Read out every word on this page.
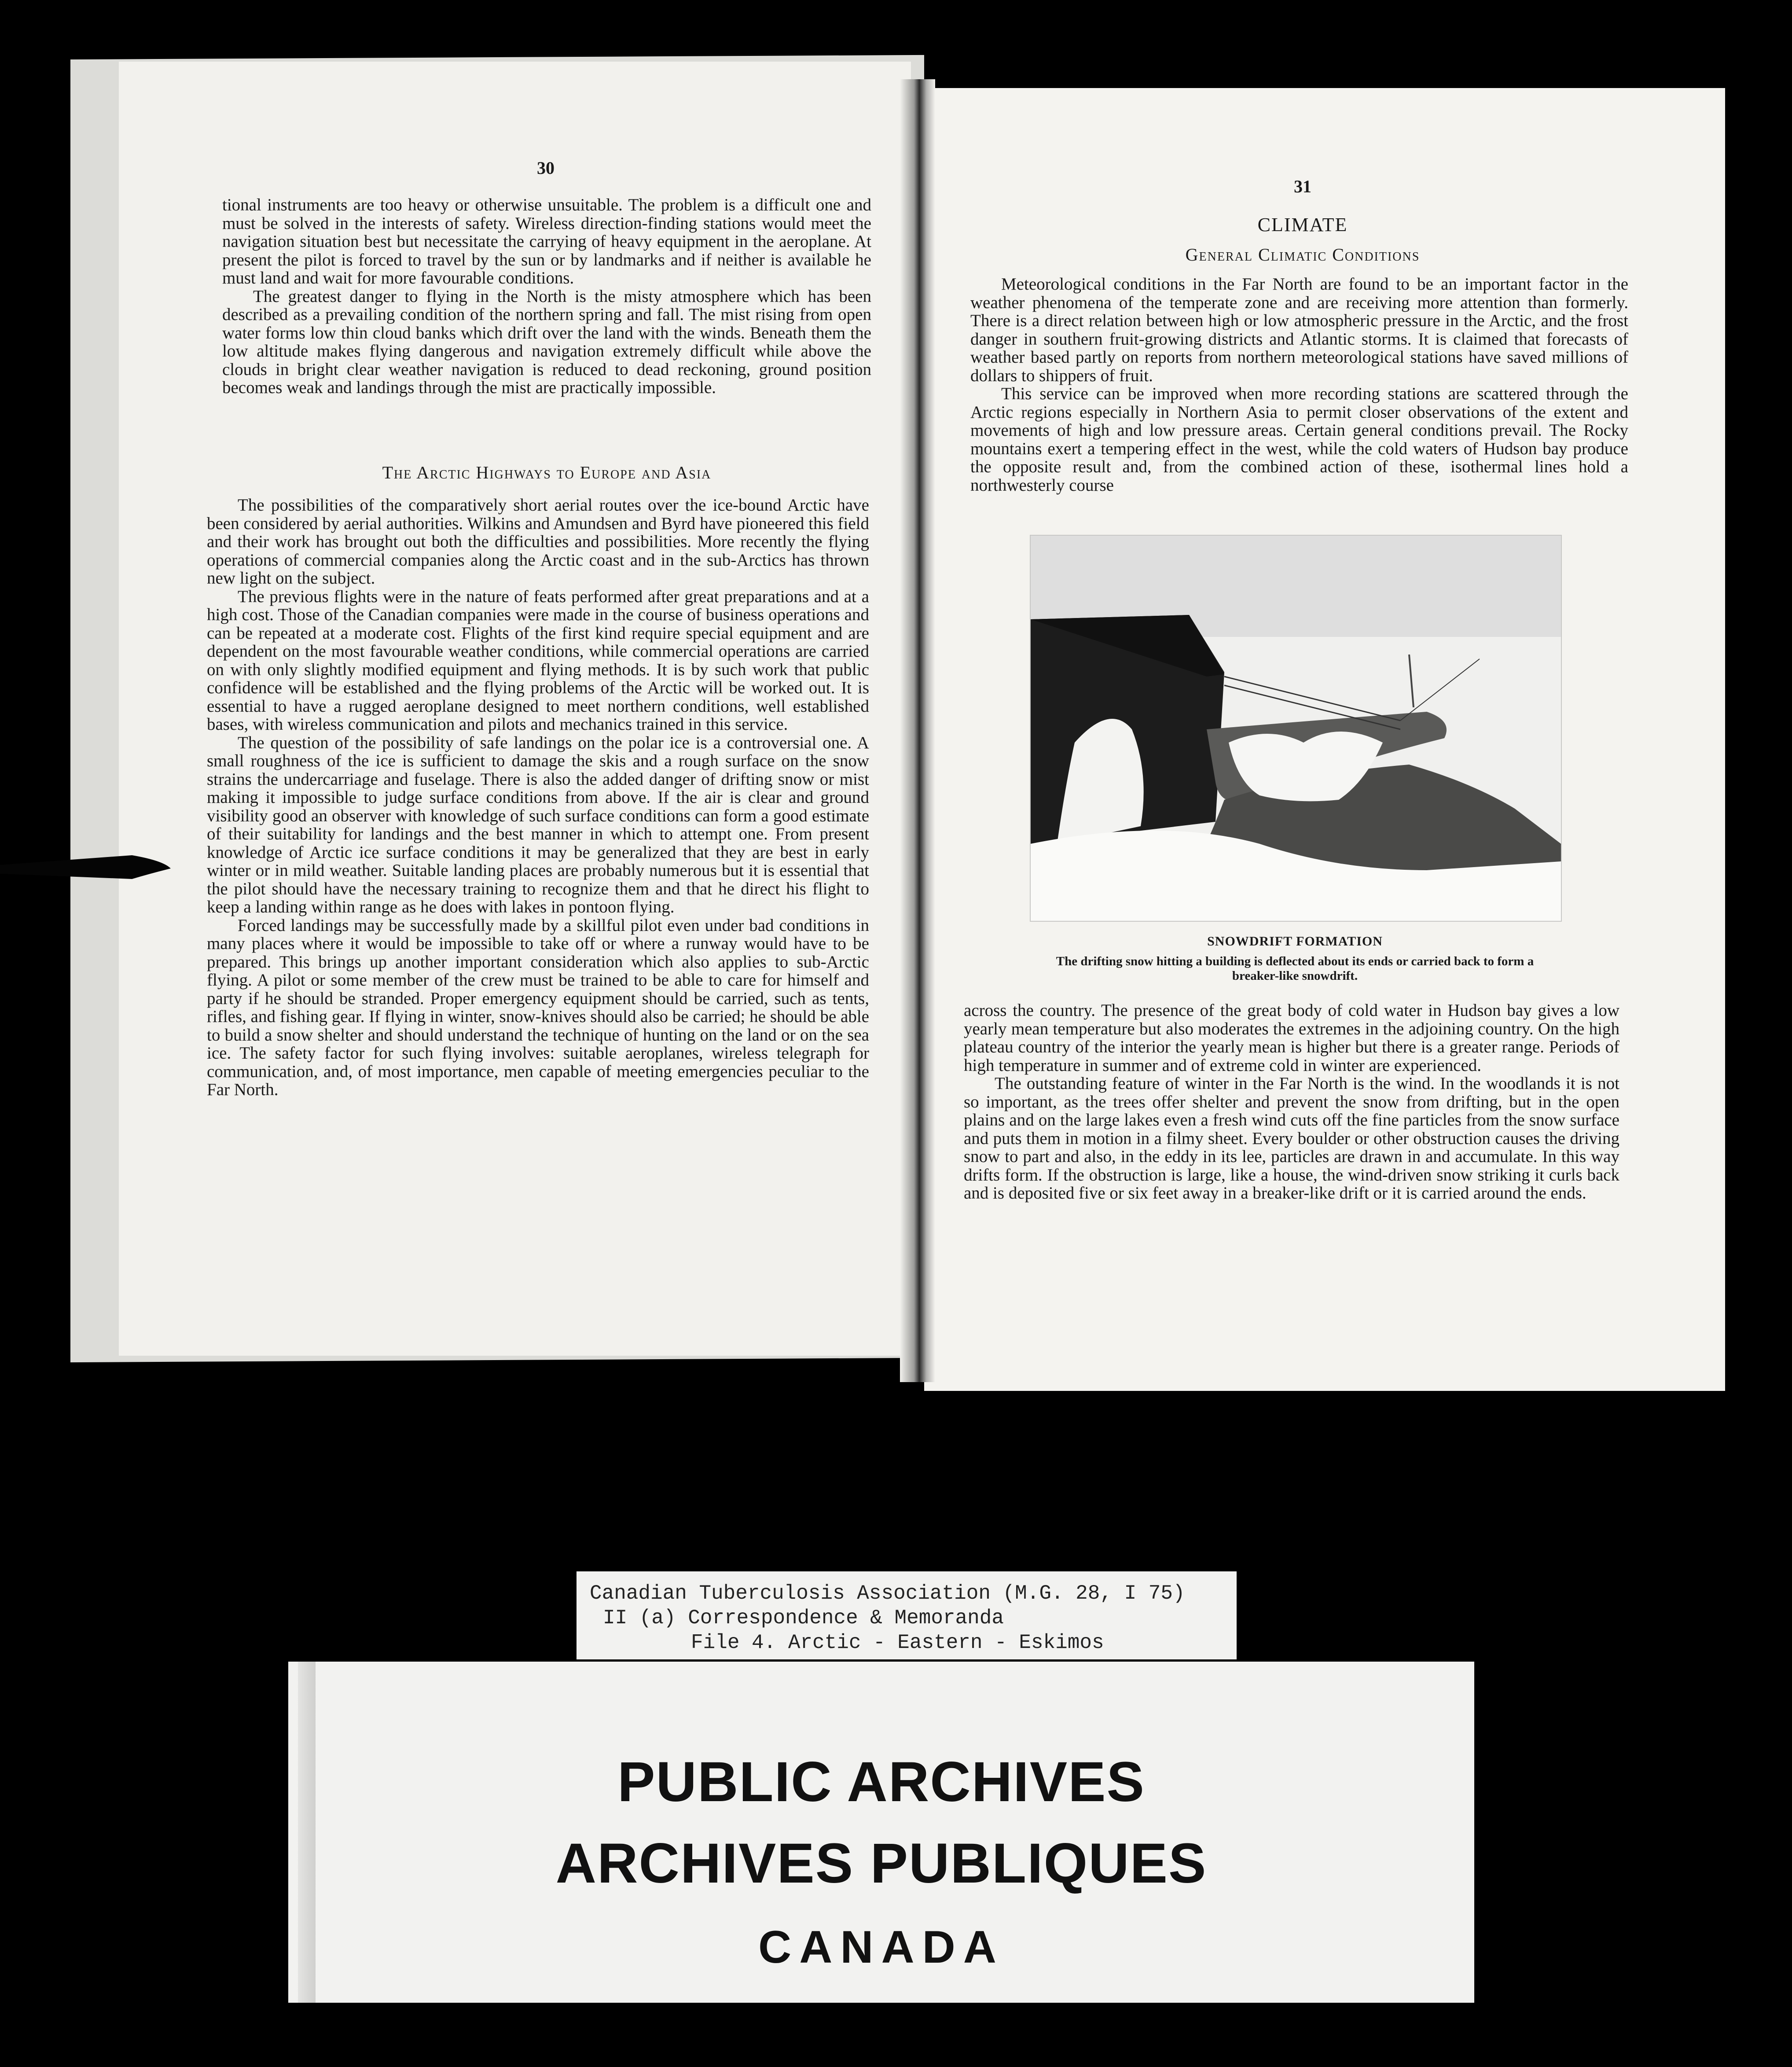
30

tional instruments are too heavy or otherwise unsuitable. The problem is a difficult one and must be solved in the interests of safety. Wireless direction-finding stations would meet the navigation situation best but necessitate the carrying of heavy equipment in the aeroplane. At present the pilot is forced to travel by the sun or by landmarks and if neither is available he must land and wait for more favourable conditions.

The greatest danger to flying in the North is the misty atmosphere which has been described as a prevailing condition of the northern spring and fall. The mist rising from open water forms low thin cloud banks which drift over the land with the winds. Beneath them the low altitude makes flying dangerous and navigation extremely difficult while above the clouds in bright clear weather navigation is reduced to dead reckoning, ground position becomes weak and landings through the mist are practically impossible.

The Arctic Highways to Europe and Asia

The possibilities of the comparatively short aerial routes over the ice-bound Arctic have been considered by aerial authorities. Wilkins and Amundsen and Byrd have pioneered this field and their work has brought out both the difficulties and possibilities. More recently the flying operations of commercial companies along the Arctic coast and in the sub-Arctics has thrown new light on the subject.

The previous flights were in the nature of feats performed after great preparations and at a high cost. Those of the Canadian companies were made in the course of business operations and can be repeated at a moderate cost. Flights of the first kind require special equipment and are dependent on the most favourable weather conditions, while commercial operations are carried on with only slightly modified equipment and flying methods. It is by such work that public confidence will be established and the flying problems of the Arctic will be worked out. It is essential to have a rugged aeroplane designed to meet northern conditions, well established bases, with wireless communication and pilots and mechanics trained in this service.

The question of the possibility of safe landings on the polar ice is a controversial one. A small roughness of the ice is sufficient to damage the skis and a rough surface on the snow strains the undercarriage and fuselage. There is also the added danger of drifting snow or mist making it impossible to judge surface conditions from above. If the air is clear and ground visibility good an observer with knowledge of such surface conditions can form a good estimate of their suitability for landings and the best manner in which to attempt one. From present knowledge of Arctic ice surface conditions it may be generalized that they are best in early winter or in mild weather. Suitable landing places are probably numerous but it is essential that the pilot should have the necessary training to recognize them and that he direct his flight to keep a landing within range as he does with lakes in pontoon flying.

Forced landings may be successfully made by a skillful pilot even under bad conditions in many places where it would be impossible to take off or where a runway would have to be prepared. This brings up another important consideration which also applies to sub-Arctic flying. A pilot or some member of the crew must be trained to be able to care for himself and party if he should be stranded. Proper emergency equipment should be carried, such as tents, rifles, and fishing gear. If flying in winter, snow-knives should also be carried; he should be able to build a snow shelter and should understand the technique of hunting on the land or on the sea ice. The safety factor for such flying involves: suitable aeroplanes, wireless telegraph for communication, and, of most importance, men capable of meeting emergencies peculiar to the Far North.

31
CLIMATE
General Climatic Conditions

Meteorological conditions in the Far North are found to be an important factor in the weather phenomena of the temperate zone and are receiving more attention than formerly. There is a direct relation between high or low atmospheric pressure in the Arctic, and the frost danger in southern fruit-growing districts and Atlantic storms. It is claimed that forecasts of weather based partly on reports from northern meteorological stations have saved millions of dollars to shippers of fruit.

This service can be improved when more recording stations are scattered through the Arctic regions especially in Northern Asia to permit closer observations of the extent and movements of high and low pressure areas. Certain general conditions prevail. The Rocky mountains exert a tempering effect in the west, while the cold waters of Hudson bay produce the opposite result and, from the combined action of these, isothermal lines hold a northwesterly course

SNOWDRIFT FORMATION
The drifting snow hitting a building is deflected about its ends or carried back to form a breaker-like snowdrift.

across the country. The presence of the great body of cold water in Hudson bay gives a low yearly mean temperature but also moderates the extremes in the adjoining country. On the high plateau country of the interior the yearly mean is higher but there is a greater range. Periods of high temperature in summer and of extreme cold in winter are experienced.

The outstanding feature of winter in the Far North is the wind. In the woodlands it is not so important, as the trees offer shelter and prevent the snow from drifting, but in the open plains and on the large lakes even a fresh wind cuts off the fine particles from the snow surface and puts them in motion in a filmy sheet. Every boulder or other obstruction causes the driving snow to part and also, in the eddy in its lee, particles are drawn in and accumulate. In this way drifts form. If the obstruction is large, like a house, the wind-driven snow striking it curls back and is deposited five or six feet away in a breaker-like drift or it is carried around the ends.

Canadian Tuberculosis Association (M.G. 28, I 75)
II (a) Correspondence & Memoranda
File 4. Arctic - Eastern - Eskimos
PUBLIC ARCHIVES
ARCHIVES PUBLIQUES
CANADA
